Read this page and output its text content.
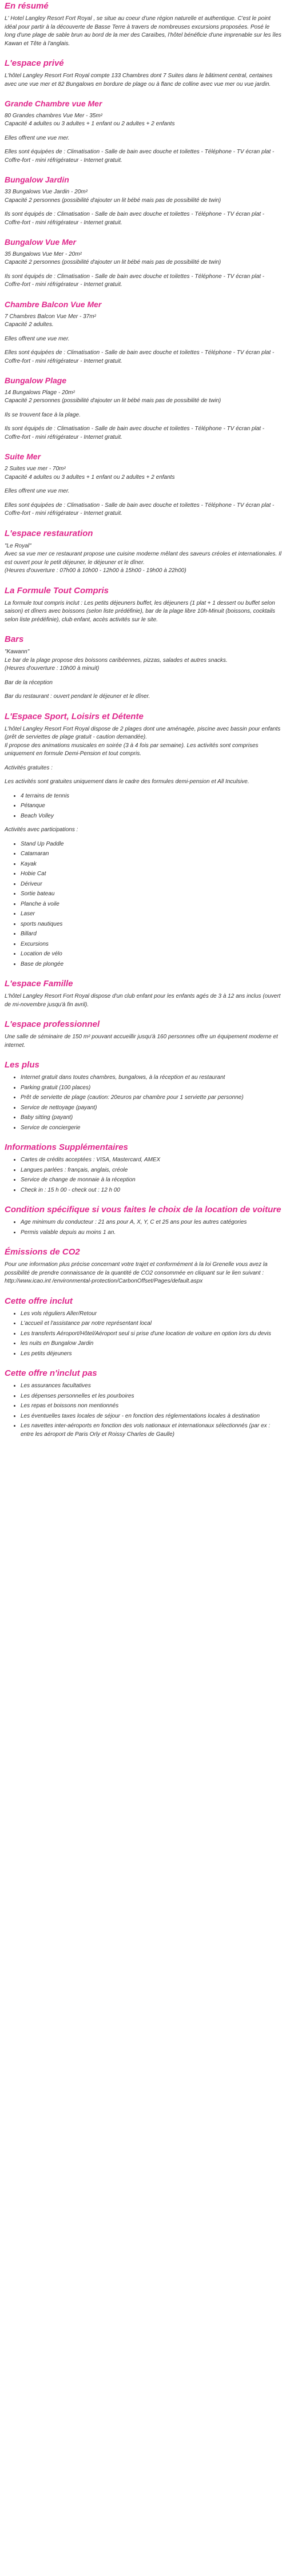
En résumé

L' Hotel Langley Resort Fort Royal , se situe au coeur d'une région naturelle et authentique. C'est le point idéal pour partir à la découverte de Basse Terre à travers de nombreuses excursions proposées. Posé le long d'une plage de sable brun au bord de la mer des Caraïbes, l'hôtel bénéficie d'une imprenable sur les îles Kawan et Tête à l'anglais.

L'espace privé

L'hôtel Langley Resort Fort Royal compte 133 Chambres dont 7 Suites dans le bâtiment central, certaines avec une vue mer et 82 Bungalows en bordure de plage ou à flanc de colline avec vue mer ou vue jardin.

Grande Chambre vue Mer

80 Grandes chambres Vue Mer - 35m²
Capacité 4 adultes ou 3 adultes + 1 enfant ou 2 adultes + 2 enfants

Elles offrent une vue mer.

Elles sont équipées de : Climatisation - Salle de bain avec douche et toilettes - Téléphone - TV écran plat - Coffre-fort - mini réfrigérateur - Internet gratuit.

Bungalow Jardin

33 Bungalows Vue Jardin - 20m²
Capacité 2 personnes (possibilité d'ajouter un lit bébé mais pas de possibilité de twin)

Ils sont équipés de : Climatisation - Salle de bain avec douche et toilettes - Téléphone - TV écran plat - Coffre-fort - mini réfrigérateur - Internet gratuit.

Bungalow Vue Mer

35 Bungalows Vue Mer - 20m²
Capacité 2 personnes (possibilité d'ajouter un lit bébé mais pas de possibilité de twin)

Ils sont équipés de : Climatisation - Salle de bain avec douche et toilettes - Téléphone - TV écran plat - Coffre-fort - mini réfrigérateur - Internet gratuit.

Chambre Balcon Vue Mer

7 Chambres Balcon Vue Mer - 37m²
Capacité 2 adultes.

Elles offrent une vue mer.

Elles sont équipées de : Climatisation - Salle de bain avec douche et toilettes - Téléphone - TV écran plat - Coffre-fort - mini réfrigérateur - Internet gratuit.

Bungalow Plage

14 Bungalows Plage - 20m²
Capacité 2 personnes (possibilité d'ajouter un lit bébé mais pas de possibilité de twin)

Ils se trouvent face à la plage.

Ils sont équipés de : Climatisation - Salle de bain avec douche et toilettes - Téléphone - TV écran plat - Coffre-fort - mini réfrigérateur - Internet gratuit.

Suite Mer

2 Suites vue mer - 70m²
Capacité 4 adultes ou 3 adultes + 1 enfant ou 2 adultes + 2 enfants

Elles offrent une vue mer.

Elles sont équipées de : Climatisation - Salle de bain avec douche et toilettes - Téléphone - TV écran plat - Coffre-fort - mini réfrigérateur - Internet gratuit.

L'espace restauration

"Le Royal"
Avec sa vue mer ce restaurant propose une cuisine moderne mêlant des saveurs créoles et internationales. Il est ouvert pour le petit déjeuner, le déjeuner et le dîner.
(Heures d'ouverture : 07h00 à 10h00 - 12h00 à 15h00 - 19h00 à 22h00)

La Formule Tout Compris

La formule tout compris inclut : Les petits déjeuners buffet, les déjeuners (1 plat + 1 dessert ou buffet selon saison) et dîners avec boissons (selon liste prédéfinie), bar de la plage libre 10h-Minuit (boissons, cocktails selon liste prédéfinie), club enfant, accès activités sur le site.

Bars

"Kawann"
Le bar de la plage propose des boissons caribéennes, pizzas, salades et autres snacks.
(Heures d'ouverture : 10h00 à minuit)

Bar de la réception

Bar du restaurant : ouvert pendant le déjeuner et le dîner.

L'Espace Sport, Loisirs et Détente

L'hôtel Langley Resort Fort Royal dispose de 2 plages dont une aménagée, piscine avec bassin pour enfants (prêt de serviettes de plage gratuit - caution demandée).
Il propose des animations musicales en soirée (3 à 4 fois par semaine). Les activités sont comprises uniquement en formule Demi-Pension et tout compris.

Activités gratuites :

Les activités sont gratuites uniquement dans le cadre des formules demi-pension et All Inculsive.

• 4 terrains de tennis
• Pétanque
• Beach Volley

Activités avec participations :

• Stand Up Paddle
• Catamaran
• Kayak
• Hobie Cat
• Dériveur
• Sortie bateau
• Planche à voile
• Laser
• sports nautiques
• Billard
• Excursions
• Location de vélo
• Base de plongée
L'espace Famille

L'hôtel Langley Resort Fort Royal dispose d'un club enfant pour les enfants agés de 3 à 12 ans inclus (ouvert de mi-novembre jusqu'à fin avril).

L'espace professionnel

Une salle de séminaire de 150 m² pouvant accueillir jusqu'à 160 personnes offre un équipement moderne et internet.

Les plus
• Internet gratuit dans toutes chambres, bungalows, à la réception et au restaurant
• Parking gratuit (100 places)
• Prêt de serviette de plage (caution: 20euros par chambre pour 1 serviette par personne)
• Service de nettoyage (payant)
• Baby sitting (payant)
• Service de conciergerie
Informations Supplémentaires
• Cartes de crédits acceptées : VISA, Mastercard, AMEX
• Langues parlées : français, anglais, créole
• Service de change de monnaie à la réception
• Check in : 15 h 00 - check out : 12 h 00
Condition spécifique si vous faites le choix de la location de voiture
• Age minimum du conducteur : 21 ans pour A, X, Y, C et 25 ans pour les autres catégories
• Permis valable depuis au moins 1 an.
Émissions de CO2

Pour une information plus précise concernant votre trajet et conformément à la loi Grenelle vous avez la possibilité de prendre connaissance de la quantité de CO2 consommée en cliquant sur le lien suivant : http://www.icao.int /environmental-protection/CarbonOffset/Pages/default.aspx

Cette offre inclut
• Les vols réguliers Aller/Retour
• L'accueil et l'assistance par notre représentant local
• Les transferts Aéroport/Hôtel/Aéroport seul si prise d'une location de voiture en option lors du devis
• les nuits en Bungalow Jardin
• Les petits déjeuners
Cette offre n'inclut pas
• Les assurances facultatives
• Les dépenses personnelles et les pourboires
• Les repas et boissons non mentionnés
• Les éventuelles taxes locales de séjour - en fonction des réglementations locales à destination
• Les navettes inter-aéroports en fonction des vols nationaux et internationaux sélectionnés (par ex : entre les aéroport de Paris Orly et Roissy Charles de Gaulle)
